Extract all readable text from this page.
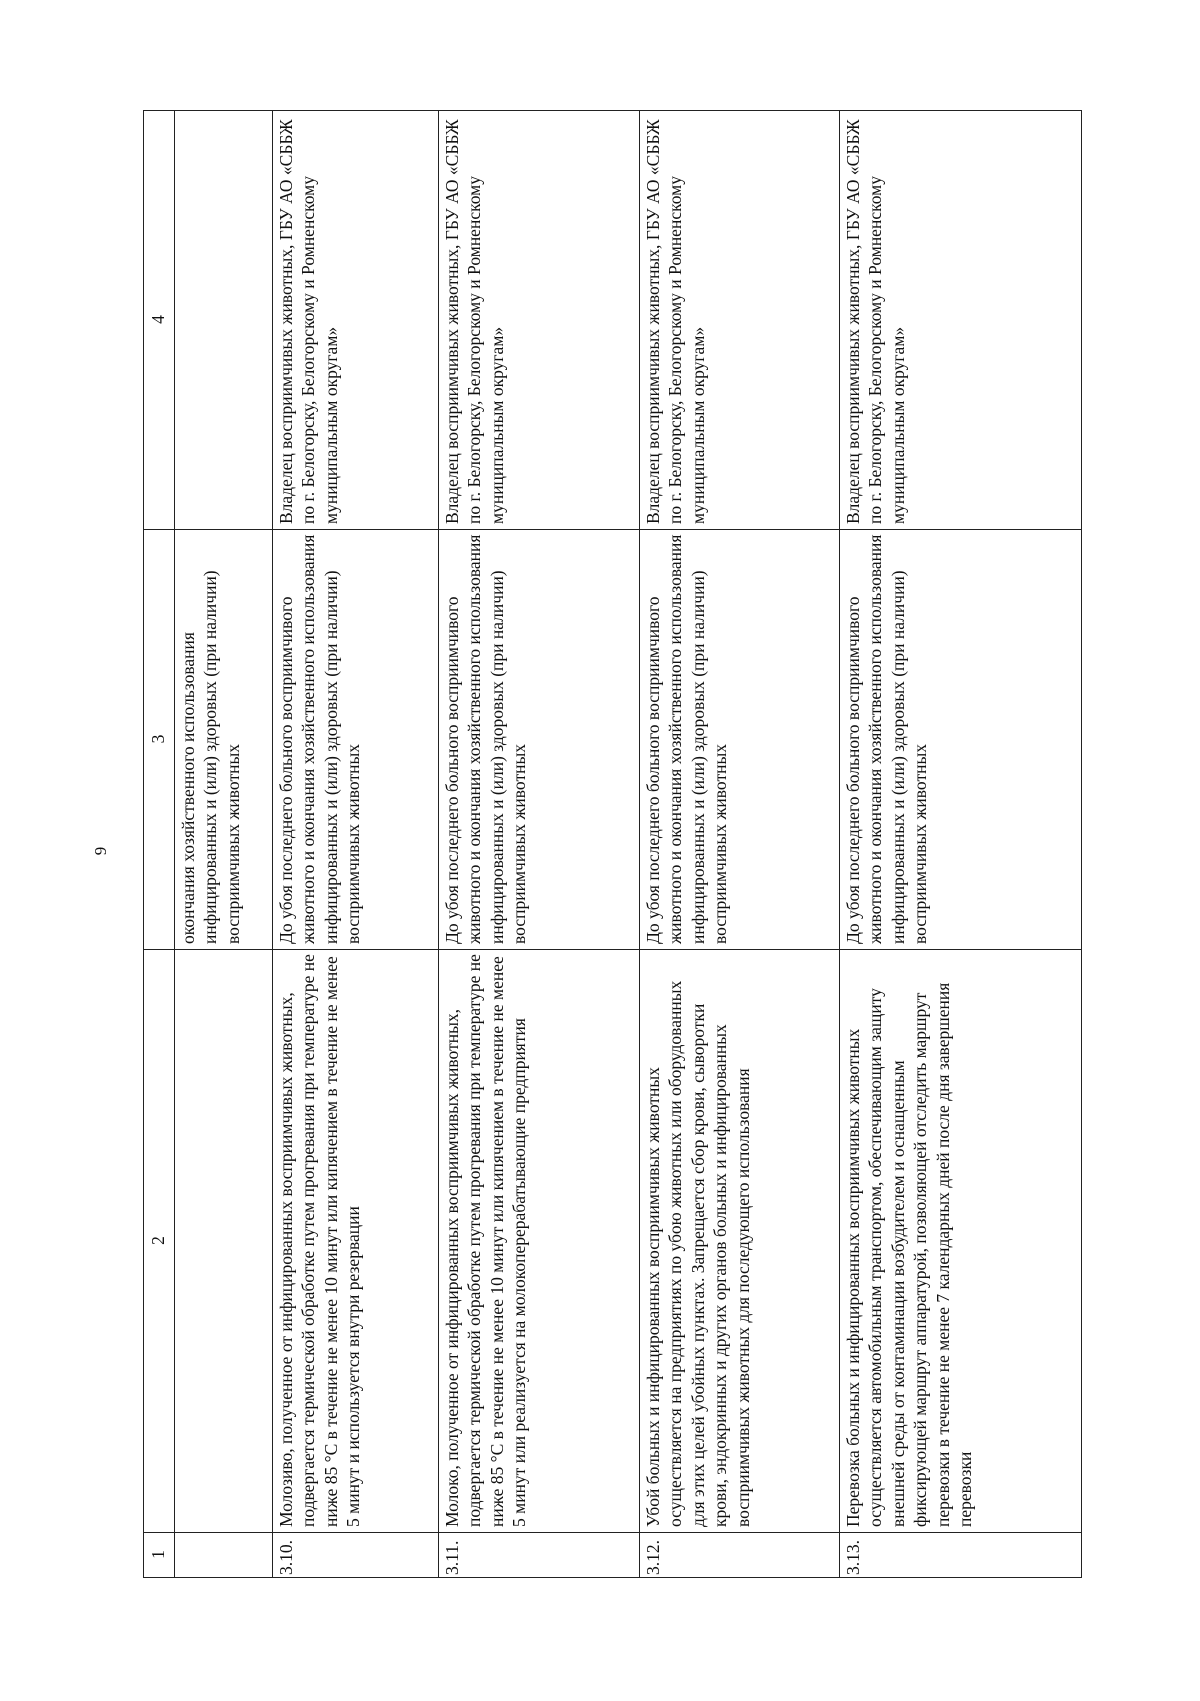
9
1
2
3
4
окончания хозяйственного использования инфицированных и (или) здоровых (при наличии) восприимчивых животных
3.10.
Молозиво, полученное от инфицированных восприимчивых животных, подвергается термической обработке путем прогревания при температуре не ниже 85 °С в течение не менее 10 минут или кипячением в течение не менее 5 минут и используется внутри резервации
До убоя последнего больного восприимчивого животного и окончания хозяйственного использования инфицированных и (или) здоровых (при наличии) восприимчивых животных
Владелец восприимчивых животных, ГБУ АО «СББЖ по г. Белогорску, Белогорскому и Ромненскому муниципальным округам»
3.11.
Молоко, полученное от инфицированных восприимчивых животных, подвергается термической обработке путем прогревания при температуре не ниже 85 °С в течение не менее 10 минут или кипячением в течение не менее 5 минут или реализуется на молокоперерабатывающие предприятия
До убоя последнего больного восприимчивого животного и окончания хозяйственного использования инфицированных и (или) здоровых (при наличии) восприимчивых животных
Владелец восприимчивых животных, ГБУ АО «СББЖ по г. Белогорску, Белогорскому и Ромненскому муниципальным округам»
3.12.
Убой больных и инфицированных восприимчивых животных осуществляется на предприятиях по убою животных или оборудованных для этих целей убойных пунктах. Запрещается сбор крови, сыворотки крови, эндокринных и других органов больных и инфицированных восприимчивых животных для последующего использования
До убоя последнего больного восприимчивого животного и окончания хозяйственного использования инфицированных и (или) здоровых (при наличии) восприимчивых животных
Владелец восприимчивых животных, ГБУ АО «СББЖ по г. Белогорску, Белогорскому и Ромненскому муниципальным округам»
3.13.
Перевозка больных и инфицированных восприимчивых животных осуществляется автомобильным транспортом, обеспечивающим защиту внешней среды от контаминации возбудителем и оснащенным фиксирующей маршрут аппаратурой, позволяющей отследить маршрут перевозки в течение не менее 7 календарных дней после дня завершения перевозки
До убоя последнего больного восприимчивого животного и окончания хозяйственного использования инфицированных и (или) здоровых (при наличии) восприимчивых животных
Владелец восприимчивых животных, ГБУ АО «СББЖ по г. Белогорску, Белогорскому и Ромненскому муниципальным округам»
